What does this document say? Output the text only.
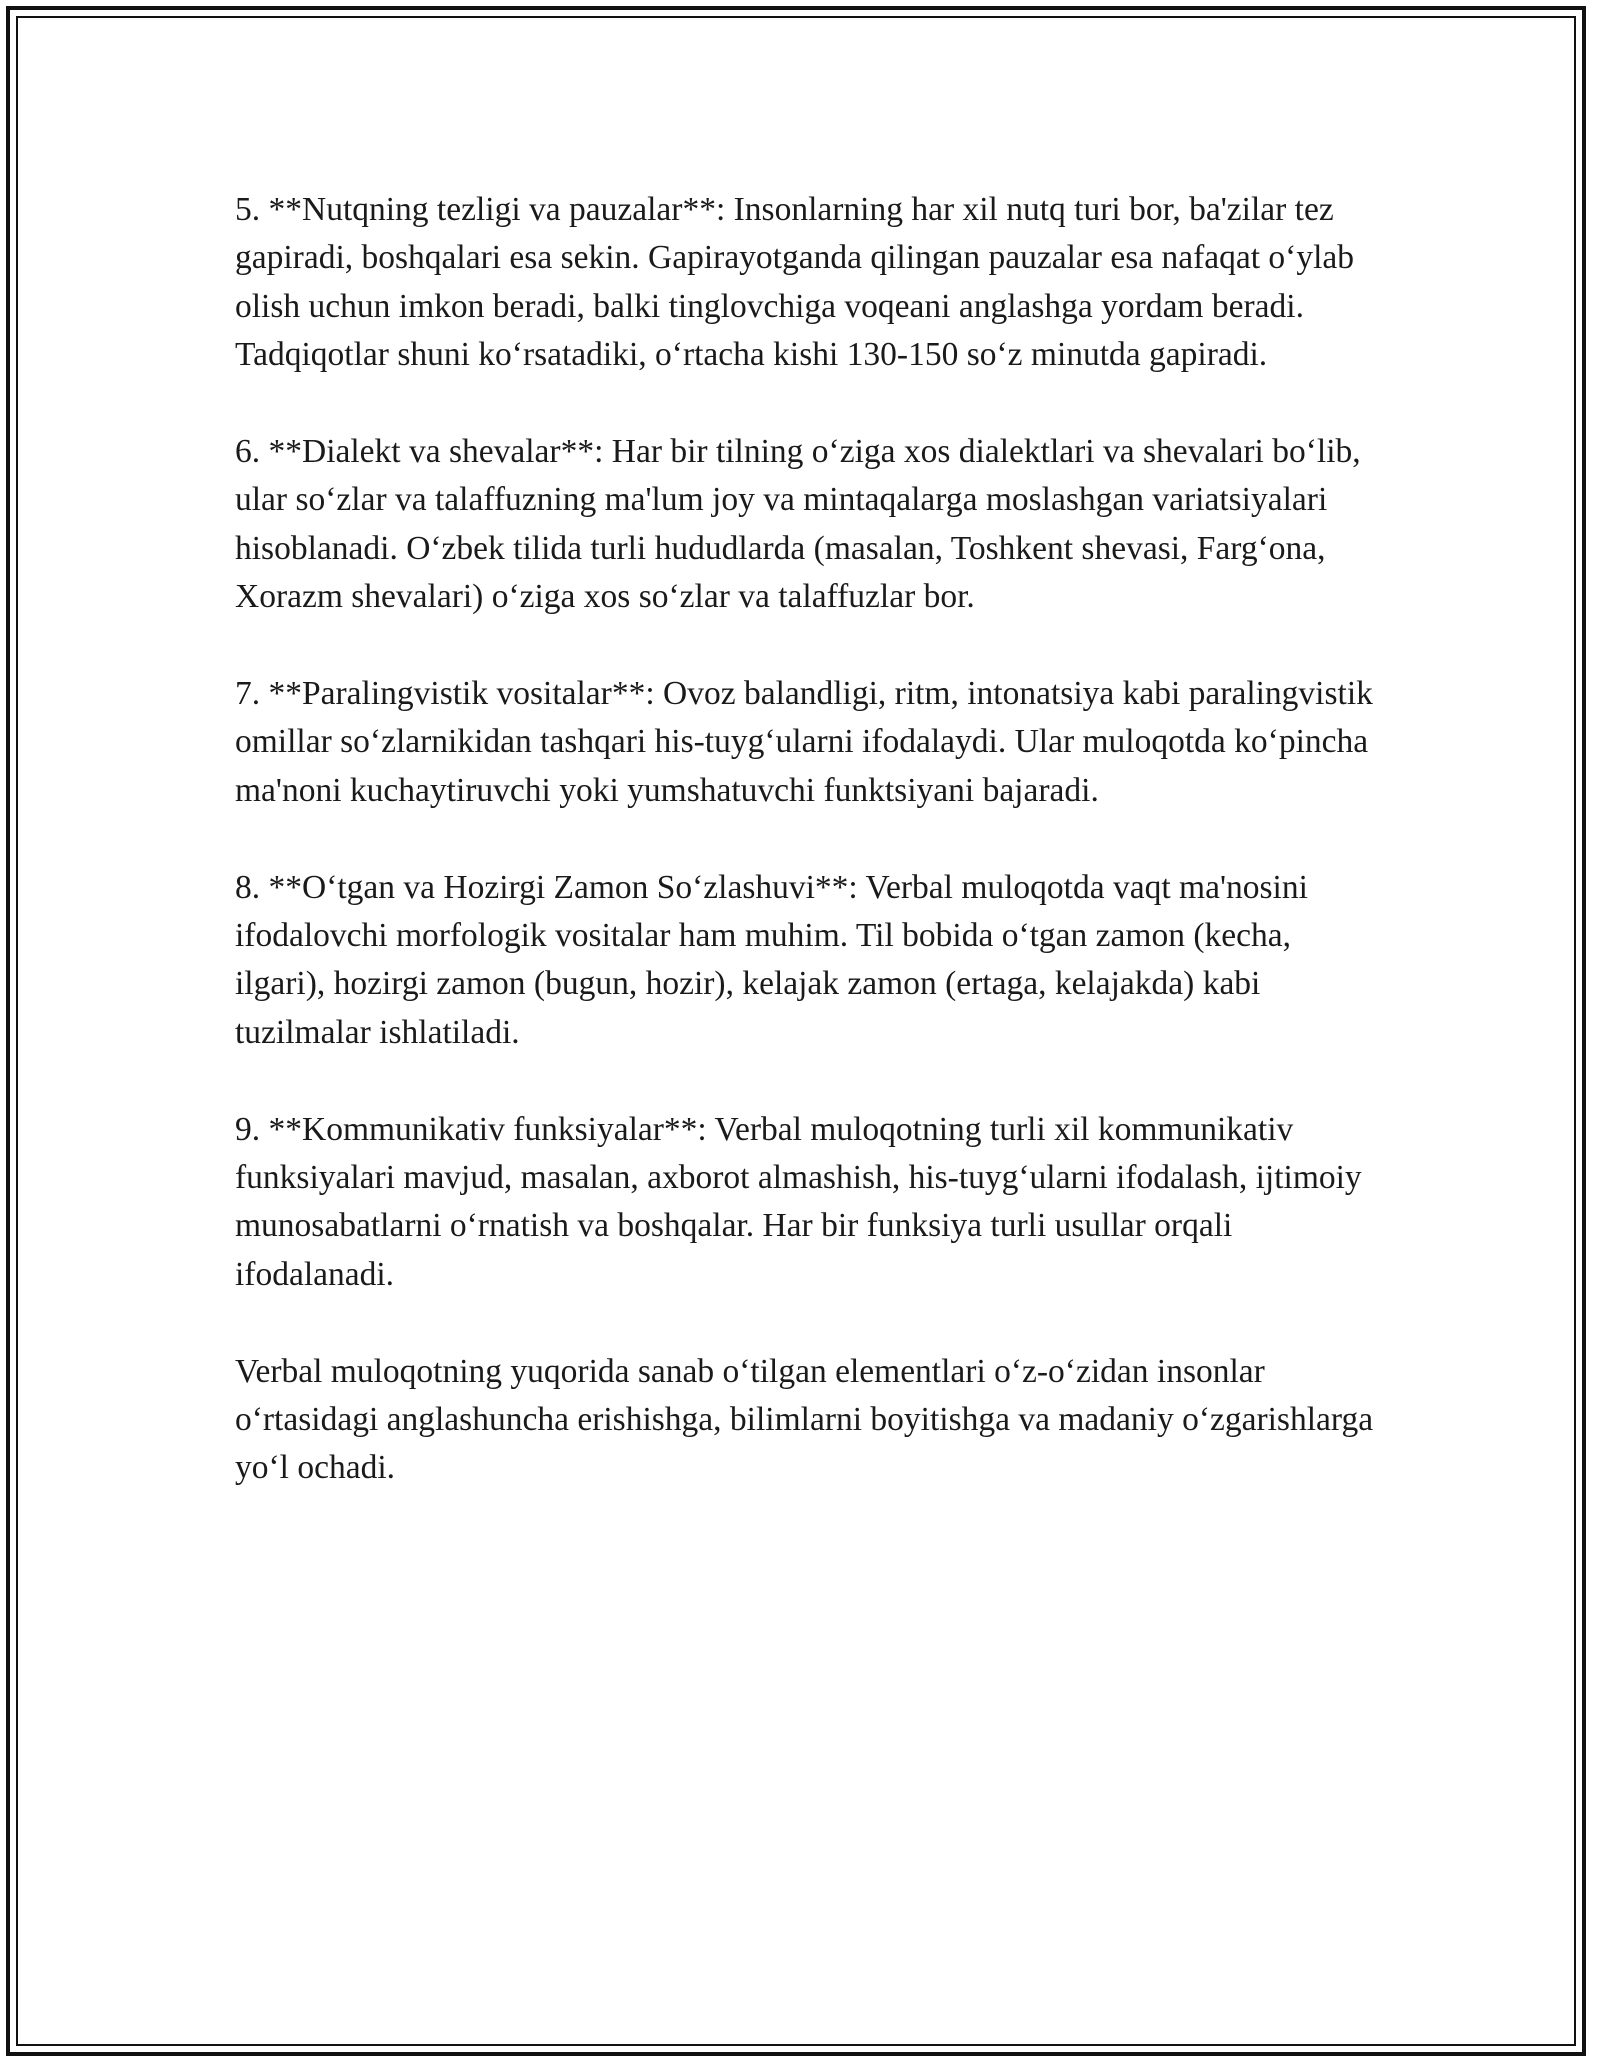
5. **Nutqning tezligi va pauzalar**: Insonlarning har xil nutq turi bor, ba'zilar tez gapiradi, boshqalari esa sekin. Gapirayotganda qilingan pauzalar esa nafaqat o‘ylab olish uchun imkon beradi, balki tinglovchiga voqeani anglashga yordam beradi. Tadqiqotlar shuni ko‘rsatadiki, o‘rtacha kishi 130-150 so‘z minutda gapiradi.

6. **Dialekt va shevalar**: Har bir tilning o‘ziga xos dialektlari va shevalari bo‘lib, ular so‘zlar va talaffuzning ma'lum joy va mintaqalarga moslashgan variatsiyalari hisoblanadi. O‘zbek tilida turli hududlarda (masalan, Toshkent shevasi, Farg‘ona, Xorazm shevalari) o‘ziga xos so‘zlar va talaffuzlar bor.

7. **Paralingvistik vositalar**: Ovoz balandligi, ritm, intonatsiya kabi paralingvistik omillar so‘zlarnikidan tashqari his-tuyg‘ularni ifodalaydi. Ular muloqotda ko‘pincha ma'noni kuchaytiruvchi yoki yumshatuvchi funktsiyani bajaradi.

8. **O‘tgan va Hozirgi Zamon So‘zlashuvi**: Verbal muloqotda vaqt ma'nosini ifodalovchi morfologik vositalar ham muhim. Til bobida o‘tgan zamon (kecha, ilgari), hozirgi zamon (bugun, hozir), kelajak zamon (ertaga, kelajakda) kabi tuzilmalar ishlatiladi.

9. **Kommunikativ funksiyalar**: Verbal muloqotning turli xil kommunikativ funksiyalari mavjud, masalan, axborot almashish, his-tuyg‘ularni ifodalash, ijtimoiy munosabatlarni o‘rnatish va boshqalar. Har bir funksiya turli usullar orqali ifodalanadi.

Verbal muloqotning yuqorida sanab o‘tilgan elementlari o‘z-o‘zidan insonlar o‘rtasidagi anglashuncha erishishga, bilimlarni boyitishga va madaniy o‘zgarishlarga yo‘l ochadi.
